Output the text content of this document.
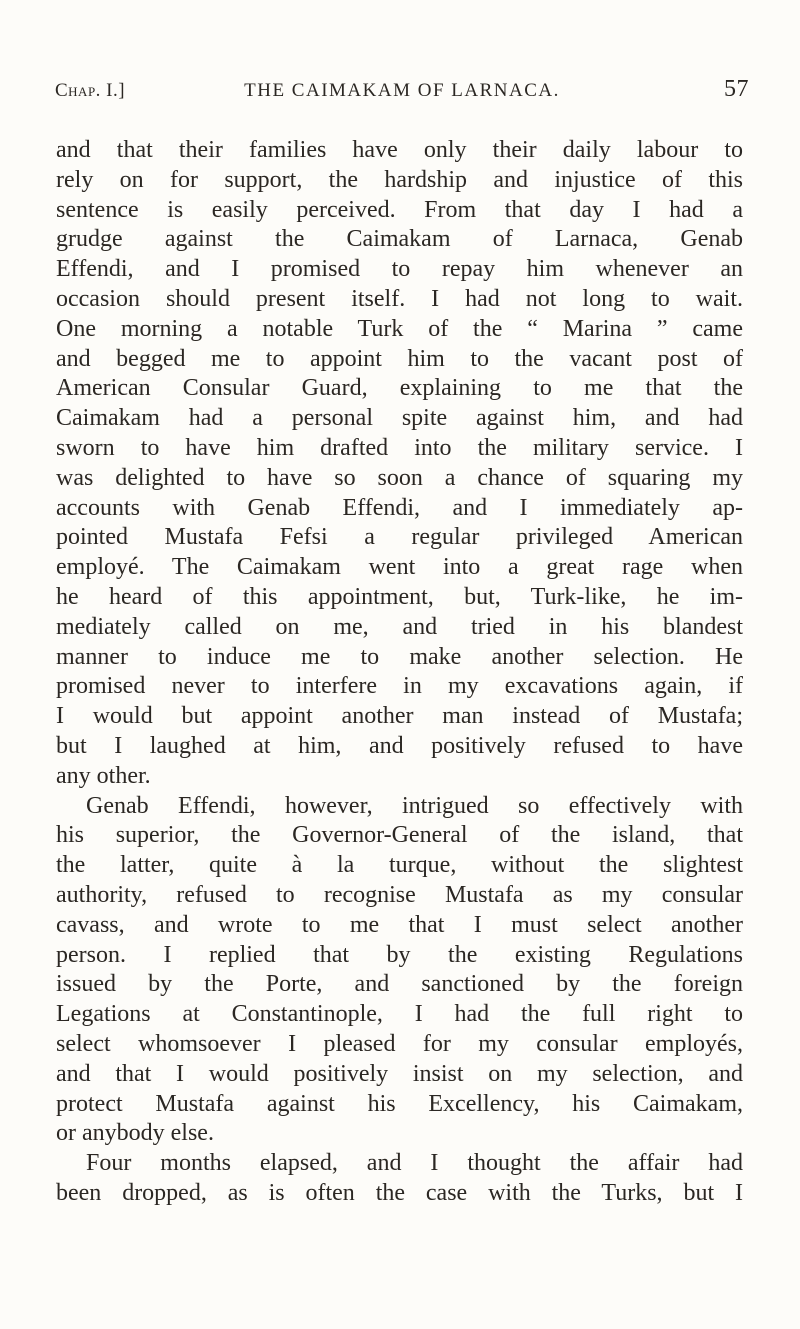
Chap. I.]	THE CAIMAKAM OF LARNACA.	57
and that their families have only their daily labour to
rely on for support, the hardship and injustice of this
sentence is easily perceived. From that day I had a
grudge against the Caimakam of Larnaca, Genab
Effendi, and I promised to repay him whenever an
occasion should present itself. I had not long to wait.
One morning a notable Turk of the “ Marina ” came
and begged me to appoint him to the vacant post of
American Consular Guard, explaining to me that the
Caimakam had a personal spite against him, and had
sworn to have him drafted into the military service. I
was delighted to have so soon a chance of squaring my
accounts with Genab Effendi, and I immediately ap-
pointed Mustafa Fefsi a regular privileged American
employé. The Caimakam went into a great rage when
he heard of this appointment, but, Turk-like, he im-
mediately called on me, and tried in his blandest
manner to induce me to make another selection. He
promised never to interfere in my excavations again, if
I would but appoint another man instead of Mustafa;
but I laughed at him, and positively refused to have
any other.
Genab Effendi, however, intrigued so effectively with
his superior, the Governor-General of the island, that
the latter, quite à la turque, without the slightest
authority, refused to recognise Mustafa as my consular
cavass, and wrote to me that I must select another
person. I replied that by the existing Regulations
issued by the Porte, and sanctioned by the foreign
Legations at Constantinople, I had the full right to
select whomsoever I pleased for my consular employés,
and that I would positively insist on my selection, and
protect Mustafa against his Excellency, his Caimakam,
or anybody else.
Four months elapsed, and I thought the affair had
been dropped, as is often the case with the Turks, but I
